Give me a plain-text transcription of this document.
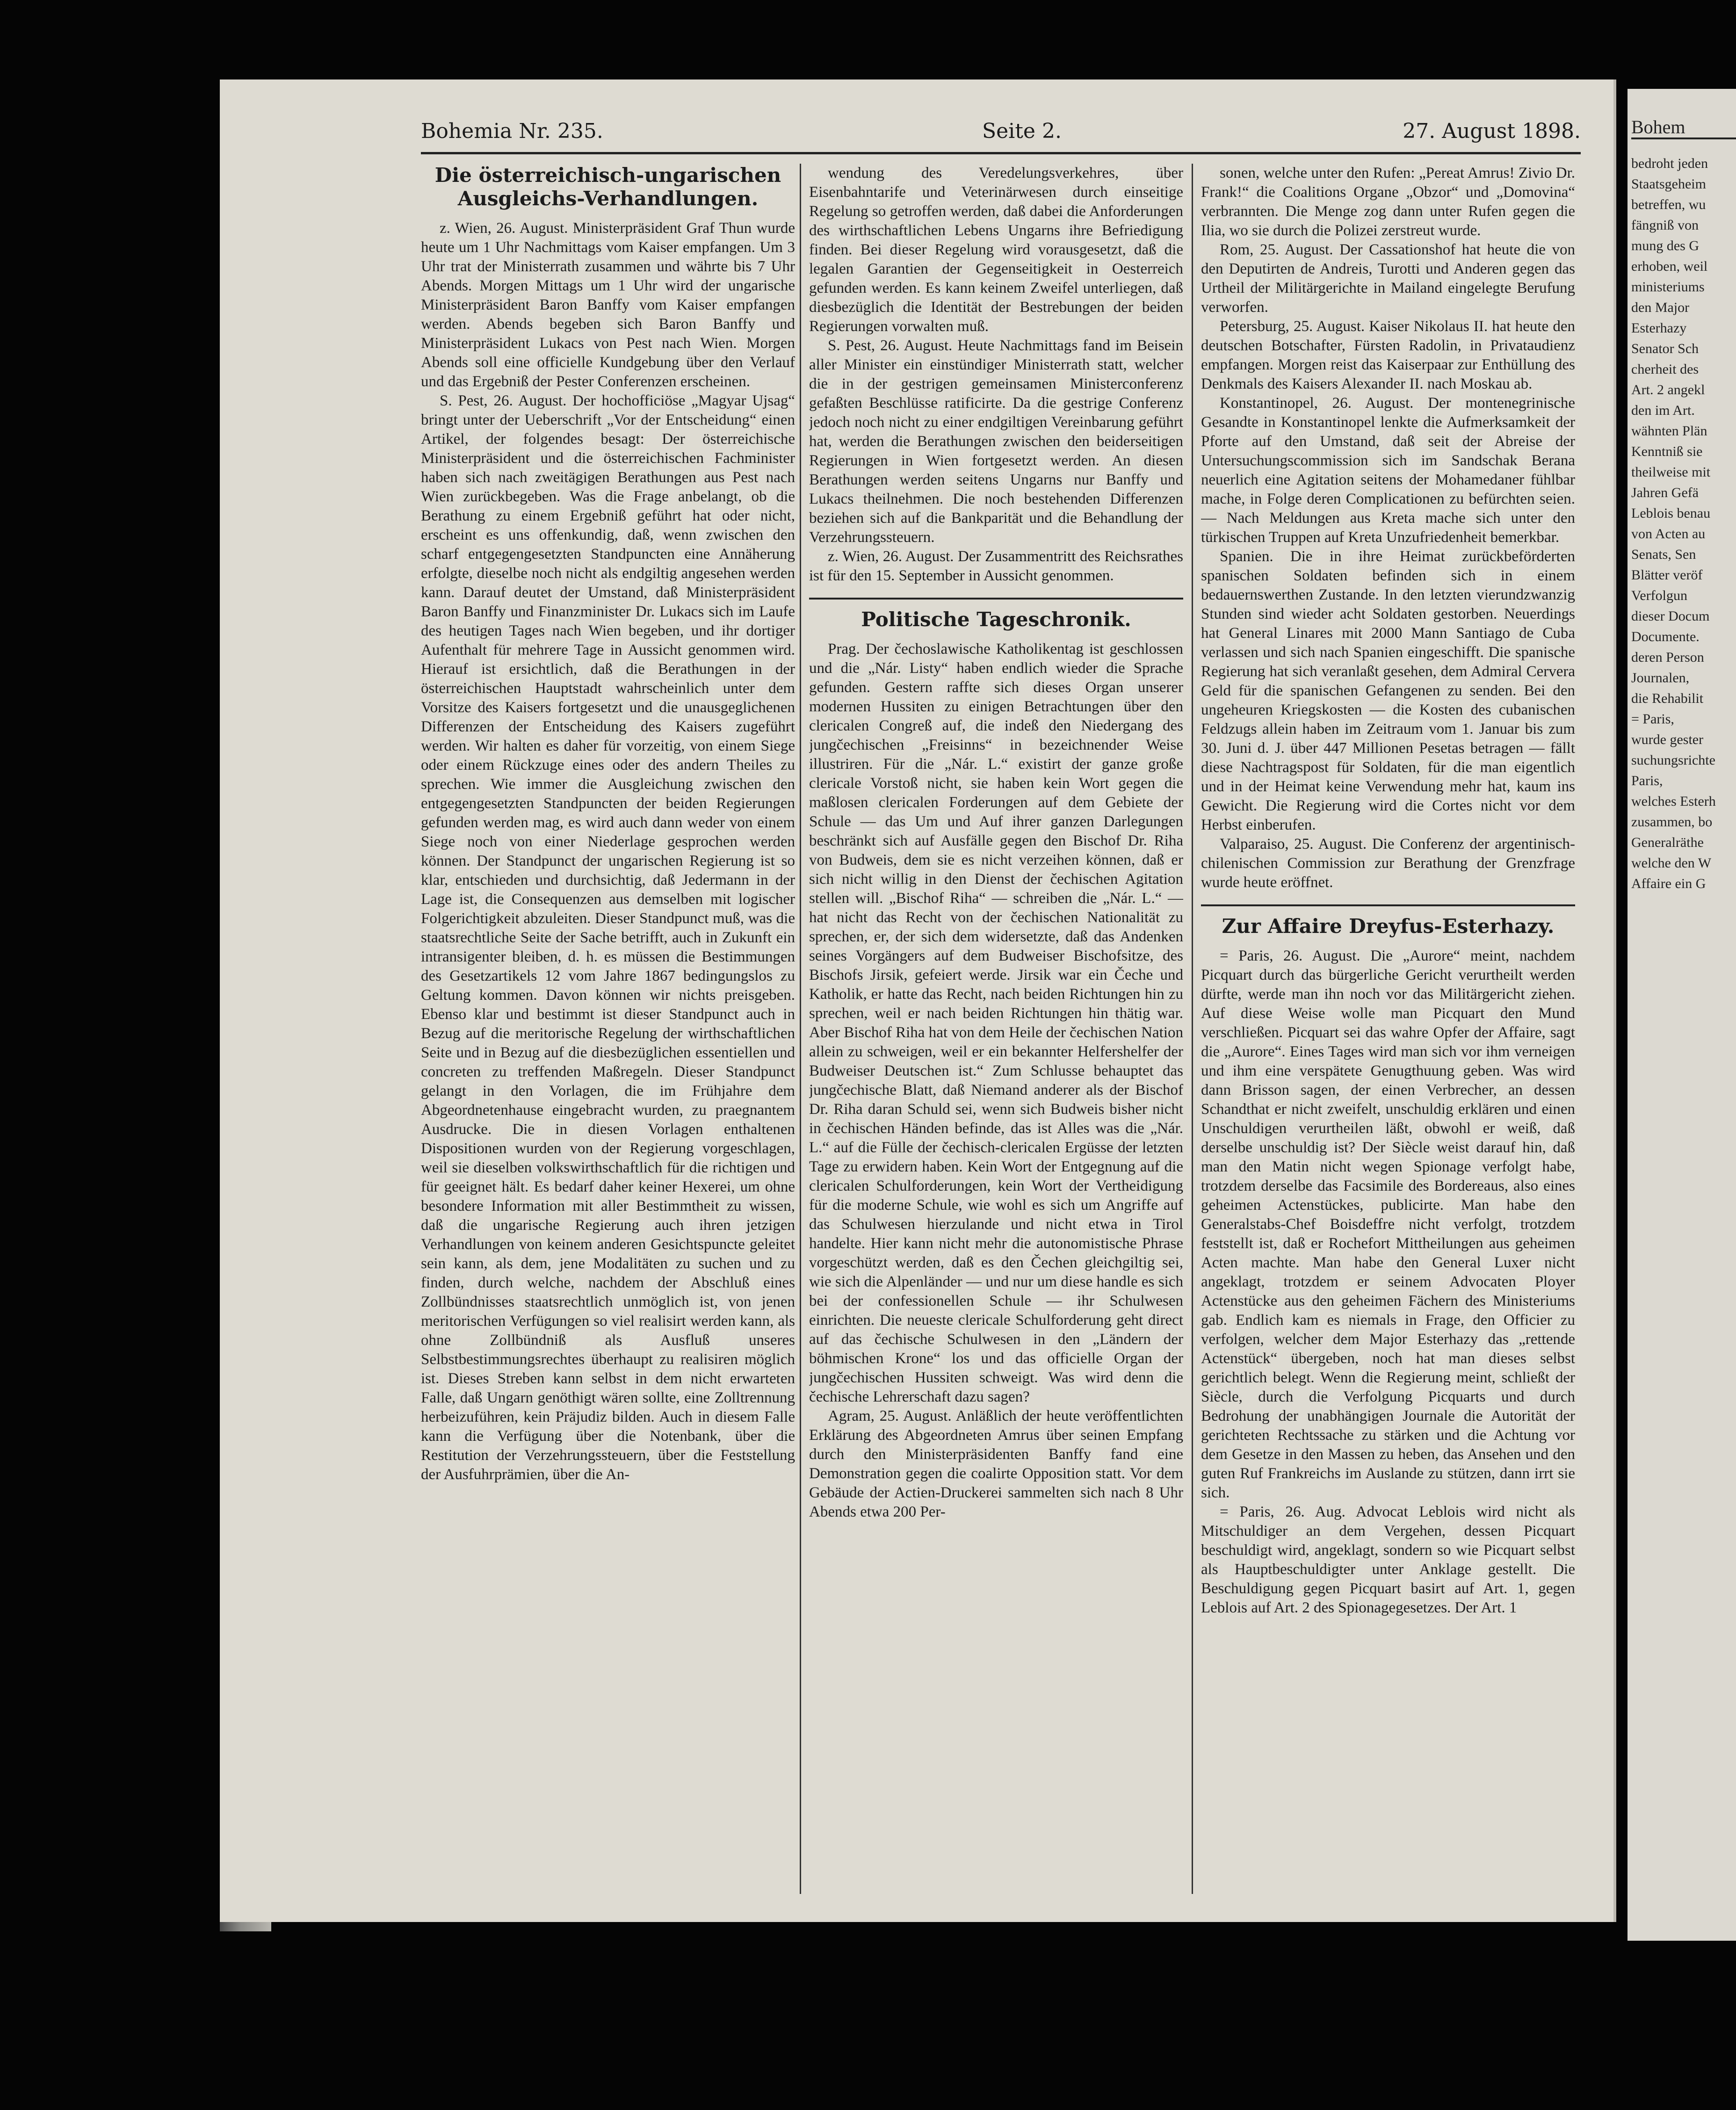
Bohemia Nr. 235.	Seite 2.	27. August 1898.
Die österreichisch-ungarischen Ausgleichs-Verhandlungen.

z. Wien, 26. August. Ministerpräsident Graf Thun wurde heute um 1 Uhr Nachmittags vom Kaiser empfangen. Um 3 Uhr trat der Ministerrath zusammen und währte bis 7 Uhr Abends. Morgen Mittags um 1 Uhr wird der ungarische Ministerpräsident Baron Banffy vom Kaiser empfangen werden. Abends begeben sich Baron Banffy und Ministerpräsident Lukacs von Pest nach Wien. Morgen Abends soll eine officielle Kundgebung über den Verlauf und das Ergebniß der Pester Conferenzen erscheinen.

S. Pest, 26. August. Der hochofficiöse „Magyar Ujsag“ bringt unter der Ueberschrift „Vor der Entscheidung“ einen Artikel, der folgendes besagt: Der österreichische Ministerpräsident und die österreichischen Fachminister haben sich nach zweitägigen Berathungen aus Pest nach Wien zurückbegeben. Was die Frage anbelangt, ob die Berathung zu einem Ergebniß geführt hat oder nicht, erscheint es uns offenkundig, daß, wenn zwischen den scharf entgegengesetzten Standpuncten eine Annäherung erfolgte, dieselbe noch nicht als endgiltig angesehen werden kann. Darauf deutet der Umstand, daß Ministerpräsident Baron Banffy und Finanzminister Dr. Lukacs sich im Laufe des heutigen Tages nach Wien begeben, und ihr dortiger Aufenthalt für mehrere Tage in Aussicht genommen wird. Hierauf ist ersichtlich, daß die Berathungen in der österreichischen Hauptstadt wahrscheinlich unter dem Vorsitze des Kaisers fortgesetzt und die unausgeglichenen Differenzen der Entscheidung des Kaisers zugeführt werden. Wir halten es daher für vorzeitig, von einem Siege oder einem Rückzuge eines oder des andern Theiles zu sprechen. Wie immer die Ausgleichung zwischen den entgegengesetzten Standpuncten der beiden Regierungen gefunden werden mag, es wird auch dann weder von einem Siege noch von einer Niederlage gesprochen werden können. Der Standpunct der ungarischen Regierung ist so klar, entschieden und durchsichtig, daß Jedermann in der Lage ist, die Consequenzen aus demselben mit logischer Folgerichtigkeit abzuleiten. Dieser Standpunct muß, was die staatsrechtliche Seite der Sache betrifft, auch in Zukunft ein intransigenter bleiben, d. h. es müssen die Bestimmungen des Gesetzartikels 12 vom Jahre 1867 bedingungslos zu Geltung kommen. Davon können wir nichts preisgeben. Ebenso klar und bestimmt ist dieser Standpunct auch in Bezug auf die meritorische Regelung der wirthschaftlichen Seite und in Bezug auf die diesbezüglichen essentiellen und concreten zu treffenden Maßregeln. Dieser Standpunct gelangt in den Vorlagen, die im Frühjahre dem Abgeordnetenhause eingebracht wurden, zu praegnantem Ausdrucke. Die in diesen Vorlagen enthaltenen Dispositionen wurden von der Regierung vorgeschlagen, weil sie dieselben volkswirthschaftlich für die richtigen und für geeignet hält. Es bedarf daher keiner Hexerei, um ohne besondere Information mit aller Bestimmtheit zu wissen, daß die ungarische Regierung auch ihren jetzigen Verhandlungen von keinem anderen Gesichtspuncte geleitet sein kann, als dem, jene Modalitäten zu suchen und zu finden, durch welche, nachdem der Abschluß eines Zollbündnisses staatsrechtlich unmöglich ist, von jenen meritorischen Verfügungen so viel realisirt werden kann, als ohne Zollbündniß als Ausfluß unseres Selbstbestimmungsrechtes überhaupt zu realisiren möglich ist. Dieses Streben kann selbst in dem nicht erwarteten Falle, daß Ungarn genöthigt wären sollte, eine Zolltrennung herbeizuführen, kein Präjudiz bilden. Auch in diesem Falle kann die Verfügung über die Notenbank, über die Restitution der Verzehrungssteuern, über die Feststellung der Ausfuhrprämien, über die An-

wendung des Veredelungsverkehres, über Eisenbahntarife und Veterinärwesen durch einseitige Regelung so getroffen werden, daß dabei die Anforderungen des wirthschaftlichen Lebens Ungarns ihre Befriedigung finden. Bei dieser Regelung wird vorausgesetzt, daß die legalen Garantien der Gegenseitigkeit in Oesterreich gefunden werden. Es kann keinem Zweifel unterliegen, daß diesbezüglich die Identität der Bestrebungen der beiden Regierungen vorwalten muß.

S. Pest, 26. August. Heute Nachmittags fand im Beisein aller Minister ein einstündiger Ministerrath statt, welcher die in der gestrigen gemeinsamen Ministerconferenz gefaßten Beschlüsse ratificirte. Da die gestrige Conferenz jedoch noch nicht zu einer endgiltigen Vereinbarung geführt hat, werden die Berathungen zwischen den beiderseitigen Regierungen in Wien fortgesetzt werden. An diesen Berathungen werden seitens Ungarns nur Banffy und Lukacs theilnehmen. Die noch bestehenden Differenzen beziehen sich auf die Bankparität und die Behandlung der Verzehrungssteuern.

z. Wien, 26. August. Der Zusammentritt des Reichsrathes ist für den 15. September in Aussicht genommen.

Politische Tageschronik.

Prag. Der čechoslawische Katholikentag ist geschlossen und die „Nár. Listy“ haben endlich wieder die Sprache gefunden. Gestern raffte sich dieses Organ unserer modernen Hussiten zu einigen Betrachtungen über den clericalen Congreß auf, die indeß den Niedergang des jungčechischen „Freisinns“ in bezeichnender Weise illustriren. Für die „Nár. L.“ existirt der ganze große clericale Vorstoß nicht, sie haben kein Wort gegen die maßlosen clericalen Forderungen auf dem Gebiete der Schule — das Um und Auf ihrer ganzen Darlegungen beschränkt sich auf Ausfälle gegen den Bischof Dr. Riha von Budweis, dem sie es nicht verzeihen können, daß er sich nicht willig in den Dienst der čechischen Agitation stellen will. „Bischof Riha“ — schreiben die „Nár. L.“ — hat nicht das Recht von der čechischen Nationalität zu sprechen, er, der sich dem widersetzte, daß das Andenken seines Vorgängers auf dem Budweiser Bischofsitze, des Bischofs Jirsik, gefeiert werde. Jirsik war ein Čeche und Katholik, er hatte das Recht, nach beiden Richtungen hin zu sprechen, weil er nach beiden Richtungen hin thätig war. Aber Bischof Riha hat von dem Heile der čechischen Nation allein zu schweigen, weil er ein bekannter Helfershelfer der Budweiser Deutschen ist.“ Zum Schlusse behauptet das jungčechische Blatt, daß Niemand anderer als der Bischof Dr. Riha daran Schuld sei, wenn sich Budweis bisher nicht in čechischen Händen befinde, das ist Alles was die „Nár. L.“ auf die Fülle der čechisch-clericalen Ergüsse der letzten Tage zu erwidern haben. Kein Wort der Entgegnung auf die clericalen Schulforderungen, kein Wort der Vertheidigung für die moderne Schule, wie wohl es sich um Angriffe auf das Schulwesen hierzulande und nicht etwa in Tirol handelte. Hier kann nicht mehr die autonomistische Phrase vorgeschützt werden, daß es den Čechen gleichgiltig sei, wie sich die Alpenländer — und nur um diese handle es sich bei der confessionellen Schule — ihr Schulwesen einrichten. Die neueste clericale Schulforderung geht direct auf das čechische Schulwesen in den „Ländern der böhmischen Krone“ los und das officielle Organ der jungčechischen Hussiten schweigt. Was wird denn die čechische Lehrerschaft dazu sagen?

Agram, 25. August. Anläßlich der heute veröffentlichten Erklärung des Abgeordneten Amrus über seinen Empfang durch den Ministerpräsidenten Banffy fand eine Demonstration gegen die coalirte Opposition statt. Vor dem Gebäude der Actien-Druckerei sammelten sich nach 8 Uhr Abends etwa 200 Per-

sonen, welche unter den Rufen: „Pereat Amrus! Zivio Dr. Frank!“ die Coalitions Organe „Obzor“ und „Domovina“ verbrannten. Die Menge zog dann unter Rufen gegen die Ilia, wo sie durch die Polizei zerstreut wurde.

Rom, 25. August. Der Cassationshof hat heute die von den Deputirten de Andreis, Turotti und Anderen gegen das Urtheil der Militärgerichte in Mailand eingelegte Berufung verworfen.

Petersburg, 25. August. Kaiser Nikolaus II. hat heute den deutschen Botschafter, Fürsten Radolin, in Privataudienz empfangen. Morgen reist das Kaiserpaar zur Enthüllung des Denkmals des Kaisers Alexander II. nach Moskau ab.

Konstantinopel, 26. August. Der montenegrinische Gesandte in Konstantinopel lenkte die Aufmerksamkeit der Pforte auf den Umstand, daß seit der Abreise der Untersuchungscommission sich im Sandschak Berana neuerlich eine Agitation seitens der Mohamedaner fühlbar mache, in Folge deren Complicationen zu befürchten seien. — Nach Meldungen aus Kreta mache sich unter den türkischen Truppen auf Kreta Unzufriedenheit bemerkbar.

Spanien. Die in ihre Heimat zurückbeförderten spanischen Soldaten befinden sich in einem bedauernswerthen Zustande. In den letzten vierundzwanzig Stunden sind wieder acht Soldaten gestorben. Neuerdings hat General Linares mit 2000 Mann Santiago de Cuba verlassen und sich nach Spanien eingeschifft. Die spanische Regierung hat sich veranlaßt gesehen, dem Admiral Cervera Geld für die spanischen Gefangenen zu senden. Bei den ungeheuren Kriegskosten — die Kosten des cubanischen Feldzugs allein haben im Zeitraum vom 1. Januar bis zum 30. Juni d. J. über 447 Millionen Pesetas betragen — fällt diese Nachtragspost für Soldaten, für die man eigentlich und in der Heimat keine Verwendung mehr hat, kaum ins Gewicht. Die Regierung wird die Cortes nicht vor dem Herbst einberufen.

Valparaiso, 25. August. Die Conferenz der argentinisch-chilenischen Commission zur Berathung der Grenzfrage wurde heute eröffnet.

Zur Affaire Dreyfus-Esterhazy.

= Paris, 26. August. Die „Aurore“ meint, nachdem Picquart durch das bürgerliche Gericht verurtheilt werden dürfte, werde man ihn noch vor das Militärgericht ziehen. Auf diese Weise wolle man Picquart den Mund verschließen. Picquart sei das wahre Opfer der Affaire, sagt die „Aurore“. Eines Tages wird man sich vor ihm verneigen und ihm eine verspätete Genugthuung geben. Was wird dann Brisson sagen, der einen Verbrecher, an dessen Schandthat er nicht zweifelt, unschuldig erklären und einen Unschuldigen verurtheilen läßt, obwohl er weiß, daß derselbe unschuldig ist? Der Siècle weist darauf hin, daß man den Matin nicht wegen Spionage verfolgt habe, trotzdem derselbe das Facsimile des Bordereaus, also eines geheimen Actenstückes, publicirte. Man habe den Generalstabs-Chef Boisdeffre nicht verfolgt, trotzdem feststellt ist, daß er Rochefort Mittheilungen aus geheimen Acten machte. Man habe den General Luxer nicht angeklagt, trotzdem er seinem Advocaten Ployer Actenstücke aus den geheimen Fächern des Ministeriums gab. Endlich kam es niemals in Frage, den Officier zu verfolgen, welcher dem Major Esterhazy das „rettende Actenstück“ übergeben, noch hat man dieses selbst gerichtlich belegt. Wenn die Regierung meint, schließt der Siècle, durch die Verfolgung Picquarts und durch Bedrohung der unabhängigen Journale die Autorität der gerichteten Rechtssache zu stärken und die Achtung vor dem Gesetze in den Massen zu heben, das Ansehen und den guten Ruf Frankreichs im Auslande zu stützen, dann irrt sie sich.

= Paris, 26. Aug. Advocat Leblois wird nicht als Mitschuldiger an dem Vergehen, dessen Picquart beschuldigt wird, angeklagt, sondern so wie Picquart selbst als Hauptbeschuldigter unter Anklage gestellt. Die Beschuldigung gegen Picquart basirt auf Art. 1, gegen Leblois auf Art. 2 des Spionagegesetzes. Der Art. 1

Bohem
bedroht jeden
Staatsgeheim
betreffen, wu
fängniß von
mung des G
erhoben, weil
ministeriums
den Major
Esterhazy
Senator Sch
cherheit des
Art. 2 angekl
den im Art.
wähnten Plän
Kenntniß sie
theilweise mit
Jahren Gefä
Leblois benau
von Acten au
Senats, Sen
Blätter veröf
Verfolgun
dieser Docum
Documente.
deren Person
Journalen,
die Rehabilit
= Paris,
wurde gester
suchungsrichte
Paris,
welches Esterh
zusammen, bo
Generalräthe
welche den W
Affaire ein G
